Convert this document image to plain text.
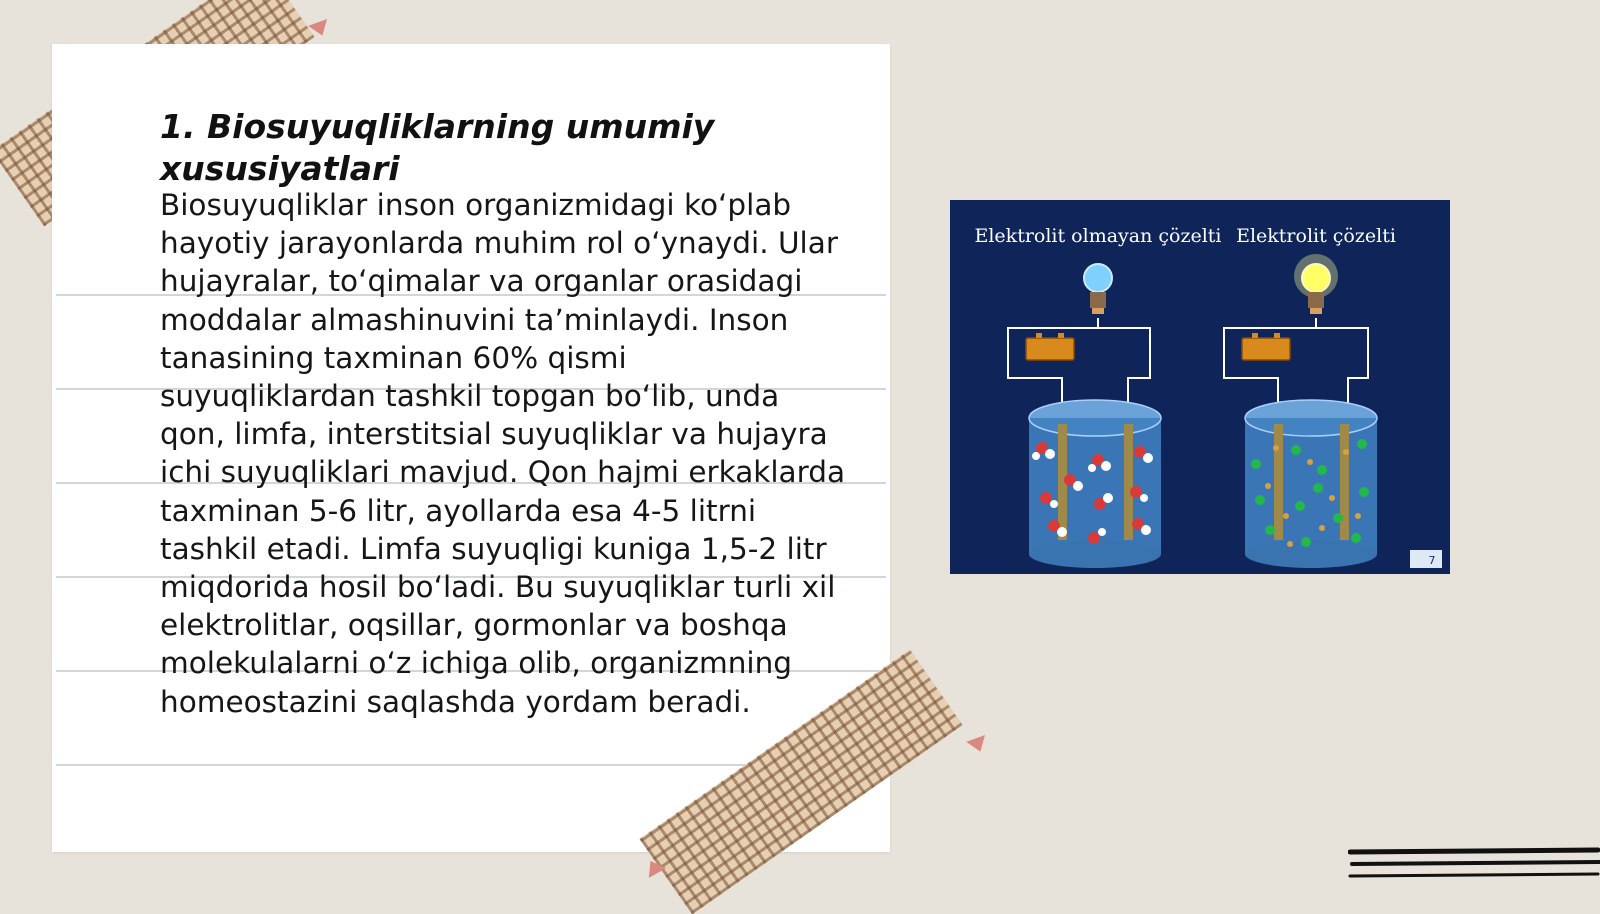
1. Biosuyuqliklarning umumiy xususiyatlari

Biosuyuqliklar inson organizmidagi koʻplab hayotiy jarayonlarda muhim rol oʻynaydi. Ular hujayralar, toʻqimalar va organlar orasidagi moddalar almashinuvini taʼminlaydi. Inson tanasining taxminan 60% qismi suyuqliklardan tashkil topgan boʻlib, unda qon, limfa, interstitsial suyuqliklar va hujayra ichi suyuqliklari mavjud. Qon hajmi erkaklarda taxminan 5-6 litr, ayollarda esa 4-5 litrni tashkil etadi. Limfa suyuqligi kuniga 1,5-2 litr miqdorida hosil boʻladi. Bu suyuqliklar turli xil elektrolitlar, oqsillar, gormonlar va boshqa molekulalarni oʻz ichiga olib, organizmning homeostazini saqlashda yordam beradi.

Elektrolit olmayan çözelti Elektrolit çözelti
7
